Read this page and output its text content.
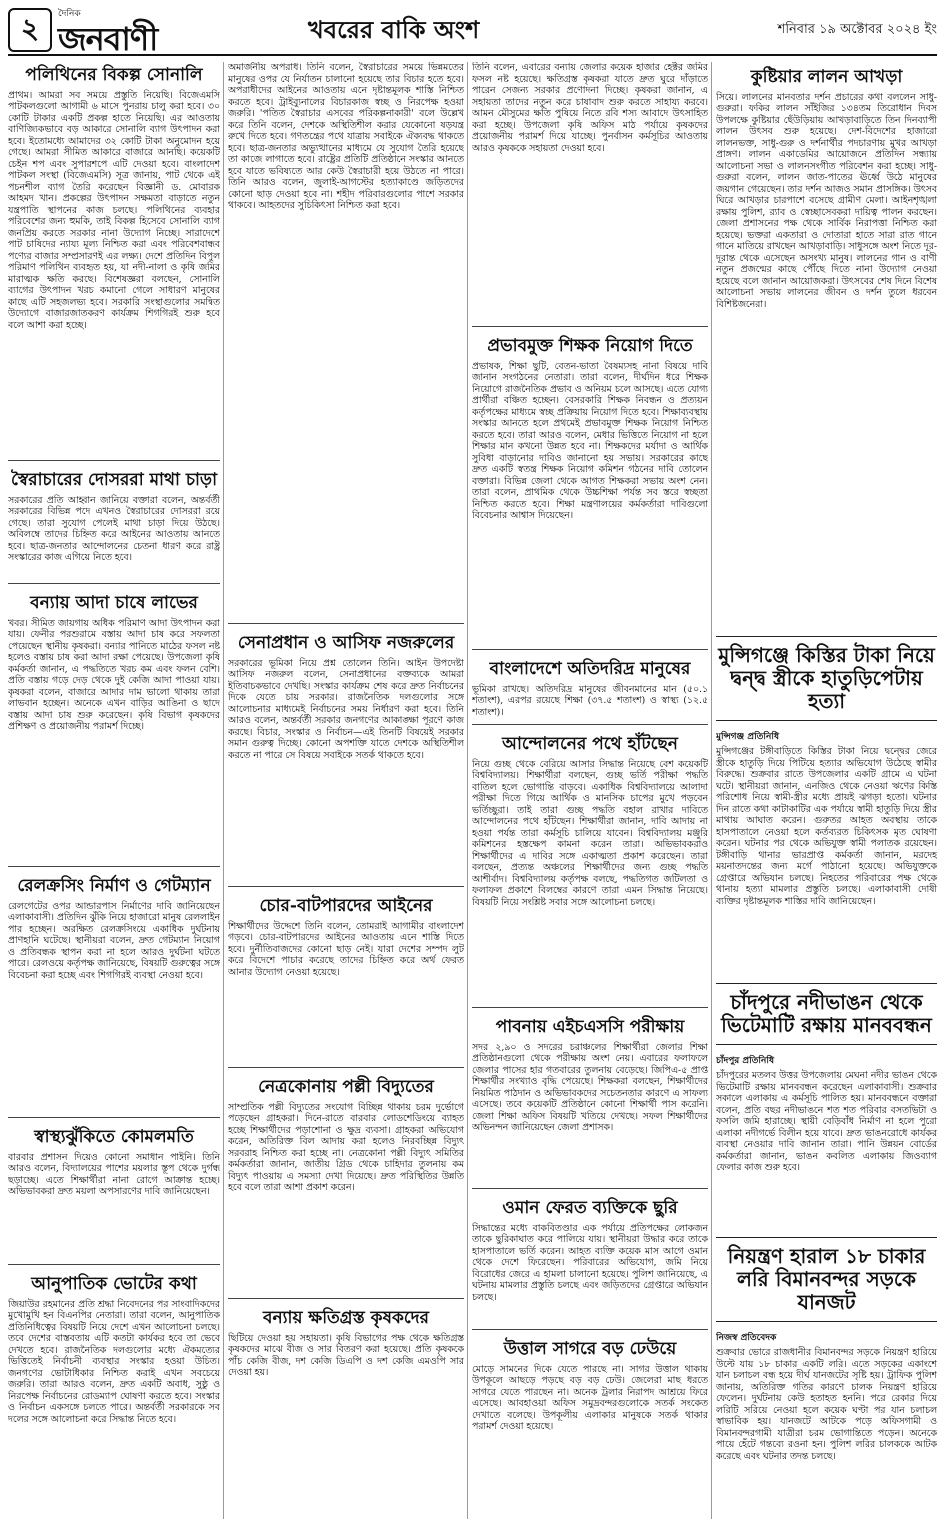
২	দৈনিক
জনবাণী	খবরের বাকি অংশ	শনিবার ১৯ অক্টোবর ২০২৪ ইং
পলিথিনের বিকল্প সোনালি

প্রাথম। আমরা সব সময়ে প্রস্তুতি নিয়েছি। বিজেএমসি পাটকলগুলো আগামী ৬ মাসে পুনরায় চালু করা হবে। ৩০ কোটি টাকার একটি প্রকল্প হাতে নিয়েছি। এর আওতায় বাণিজ্যিকভাবে বড় আকারে সোনালি ব্যাগ উৎপাদন করা হবে। ইতোমধ্যে আমাদের ৩২ কোটি টাকা অনুমোদন হয়ে গেছে। আমরা সীমিত আকারে বাজারে আনছি। কয়েকটি চেইন শপ এবং সুপারশপে এটি দেওয়া হবে। বাংলাদেশ পাটকল সংস্থা (বিজেএমসি) সূত্র জানায়, পাট থেকে এই পচনশীল ব্যাগ তৈরি করেছেন বিজ্ঞানী ড. মোবারক আহমদ খান। প্রকল্পের উৎপাদন সক্ষমতা বাড়াতে নতুন যন্ত্রপাতি স্থাপনের কাজ চলছে। পলিথিনের ব্যবহার পরিবেশের জন্য হুমকি, তাই বিকল্প হিসেবে সোনালি ব্যাগ জনপ্রিয় করতে সরকার নানা উদ্যোগ নিচ্ছে। সারাদেশে পাট চাষিদের ন্যায্য মূল্য নিশ্চিত করা এবং পরিবেশবান্ধব পণ্যের বাজার সম্প্রসারণই এর লক্ষ্য। দেশে প্রতিদিন বিপুল পরিমাণ পলিথিন ব্যবহৃত হয়, যা নদী-নালা ও কৃষি জমির মারাত্মক ক্ষতি করছে। বিশেষজ্ঞরা বলছেন, সোনালি ব্যাগের উৎপাদন খরচ কমানো গেলে সাধারণ মানুষের কাছে এটি সহজলভ্য হবে। সরকারি সংস্থাগুলোর সমন্বিত উদ্যোগে বাজারজাতকরণ কার্যক্রম শিগগিরই শুরু হবে বলে আশা করা হচ্ছে।

স্বৈরাচারের দোসররা মাথা চাড়া

সরকারের প্রতি আহ্বান জানিয়ে বক্তারা বলেন, অন্তর্বর্তী সরকারের বিভিন্ন পদে এখনও স্বৈরাচারের দোসররা রয়ে গেছে। তারা সুযোগ পেলেই মাথা চাড়া দিয়ে উঠছে। অবিলম্বে তাদের চিহ্নিত করে আইনের আওতায় আনতে হবে। ছাত্র-জনতার আন্দোলনের চেতনা ধারণ করে রাষ্ট্র সংস্কারের কাজ এগিয়ে নিতে হবে।

বন্যায় আদা চাষে লাভের

খবর। সীমিত জায়গায় অধিক পরিমাণ আদা উৎপাদন করা যায়। ফেনীর পরশুরামে বস্তায় আদা চাষ করে সফলতা পেয়েছেন স্থানীয় কৃষকরা। বন্যার পানিতে মাঠের ফসল নষ্ট হলেও বস্তায় চাষ করা আদা রক্ষা পেয়েছে। উপজেলা কৃষি কর্মকর্তা জানান, এ পদ্ধতিতে খরচ কম এবং ফলন বেশি। প্রতি বস্তায় গড়ে দেড় থেকে দুই কেজি আদা পাওয়া যায়। কৃষকরা বলেন, বাজারে আদার দাম ভালো থাকায় তারা লাভবান হচ্ছেন। অনেকে এখন বাড়ির আঙিনা ও ছাদে বস্তায় আদা চাষ শুরু করেছেন। কৃষি বিভাগ কৃষকদের প্রশিক্ষণ ও প্রয়োজনীয় পরামর্শ দিচ্ছে।

রেলক্রসিং নির্মাণ ও গেটম্যান

রেলগেটের ওপর আন্ডারপাস নির্মাণের দাবি জানিয়েছেন এলাকাবাসী। প্রতিদিন ঝুঁকি নিয়ে হাজারো মানুষ রেললাইন পার হচ্ছেন। অরক্ষিত রেলক্রসিংয়ে একাধিক দুর্ঘটনায় প্রাণহানি ঘটেছে। স্থানীয়রা বলেন, দ্রুত গেটম্যান নিয়োগ ও প্রতিবন্ধক স্থাপন করা না হলে আরও দুর্ঘটনা ঘটতে পারে। রেলওয়ে কর্তৃপক্ষ জানিয়েছে, বিষয়টি গুরুত্বের সঙ্গে বিবেচনা করা হচ্ছে এবং শিগগিরই ব্যবস্থা নেওয়া হবে।

স্বাস্থ্যঝুঁকিতে কোমলমতি

বারবার প্রশাসন দিয়েও কোনো সমাধান পাইনি। তিনি আরও বলেন, বিদ্যালয়ের পাশের ময়লার স্তূপ থেকে দুর্গন্ধ ছড়াচ্ছে। এতে শিক্ষার্থীরা নানা রোগে আক্রান্ত হচ্ছে। অভিভাবকরা দ্রুত ময়লা অপসারণের দাবি জানিয়েছেন।

আনুপাতিক ভোটের কথা

জিয়াউর রহমানের প্রতি শ্রদ্ধা নিবেদনের পর সাংবাদিকদের মুখোমুখি হন বিএনপির নেতারা। তারা বলেন, আনুপাতিক প্রতিনিধিত্বের বিষয়টি নিয়ে দেশে এখন আলোচনা চলছে। তবে দেশের বাস্তবতায় এটি কতটা কার্যকর হবে তা ভেবে দেখতে হবে। রাজনৈতিক দলগুলোর মধ্যে ঐকমত্যের ভিত্তিতেই নির্বাচনী ব্যবস্থার সংস্কার হওয়া উচিত। জনগণের ভোটাধিকার নিশ্চিত করাই এখন সবচেয়ে জরুরি। তারা আরও বলেন, দ্রুত একটি অবাধ, সুষ্ঠু ও নিরপেক্ষ নির্বাচনের রোডম্যাপ ঘোষণা করতে হবে। সংস্কার ও নির্বাচন একসঙ্গে চলতে পারে। অন্তর্বর্তী সরকারকে সব দলের সঙ্গে আলোচনা করে সিদ্ধান্ত নিতে হবে।

অমার্জনীয় অপরাধ। তিনি বলেন, স্বৈরাচারের সময়ে ভিন্নমতের মানুষের ওপর যে নির্যাতন চালানো হয়েছে তার বিচার হতে হবে। অপরাধীদের আইনের আওতায় এনে দৃষ্টান্তমূলক শাস্তি নিশ্চিত করতে হবে। ট্রাইব্যুনালের বিচারকাজ স্বচ্ছ ও নিরপেক্ষ হওয়া জরুরি। 'পতিত স্বৈরাচার এসবের পরিকল্পনাকারী' বলে উল্লেখ করে তিনি বলেন, দেশকে অস্থিতিশীল করার যেকোনো ষড়যন্ত্র রুখে দিতে হবে। গণতন্ত্রের পথে যাত্রায় সবাইকে ঐক্যবদ্ধ থাকতে হবে। ছাত্র-জনতার অভ্যুত্থানের মাধ্যমে যে সুযোগ তৈরি হয়েছে তা কাজে লাগাতে হবে। রাষ্ট্রের প্রতিটি প্রতিষ্ঠানে সংস্কার আনতে হবে যাতে ভবিষ্যতে আর কেউ স্বৈরাচারী হয়ে উঠতে না পারে। তিনি আরও বলেন, জুলাই-আগস্টের হত্যাকাণ্ডে জড়িতদের কোনো ছাড় দেওয়া হবে না। শহীদ পরিবারগুলোর পাশে সরকার থাকবে। আহতদের সুচিকিৎসা নিশ্চিত করা হবে।

সেনাপ্রধান ও আসিফ নজরুলের

সরকারের ভূমিকা নিয়ে প্রশ্ন তোলেন তিনি। আইন উপদেষ্টা আসিফ নজরুল বলেন, সেনাপ্রধানের বক্তব্যকে আমরা ইতিবাচকভাবে দেখছি। সংস্কার কার্যক্রম শেষ করে দ্রুত নির্বাচনের দিকে যেতে চায় সরকার। রাজনৈতিক দলগুলোর সঙ্গে আলোচনার মাধ্যমেই নির্বাচনের সময় নির্ধারণ করা হবে। তিনি আরও বলেন, অন্তর্বর্তী সরকার জনগণের আকাঙ্ক্ষা পূরণে কাজ করছে। বিচার, সংস্কার ও নির্বাচন—এই তিনটি বিষয়েই সরকার সমান গুরুত্ব দিচ্ছে। কোনো অপশক্তি যাতে দেশকে অস্থিতিশীল করতে না পারে সে বিষয়ে সবাইকে সতর্ক থাকতে হবে।

চোর-বাটপারদের আইনের

শিক্ষার্থীদের উদ্দেশে তিনি বলেন, তোমরাই আগামীর বাংলাদেশ গড়বে। চোর-বাটপারদের আইনের আওতায় এনে শাস্তি দিতে হবে। দুর্নীতিবাজদের কোনো ছাড় নেই। যারা দেশের সম্পদ লুট করে বিদেশে পাচার করেছে তাদের চিহ্নিত করে অর্থ ফেরত আনার উদ্যোগ নেওয়া হয়েছে।

নেত্রকোনায় পল্লী বিদ্যুতের

সাম্প্রতিক পল্লী বিদ্যুতের সংযোগ বিচ্ছিন্ন থাকায় চরম দুর্ভোগে পড়েছেন গ্রাহকরা। দিনে-রাতে বারবার লোডশেডিংয়ে ব্যাহত হচ্ছে শিক্ষার্থীদের পড়াশোনা ও ক্ষুদ্র ব্যবসা। গ্রাহকরা অভিযোগ করেন, অতিরিক্ত বিল আদায় করা হলেও নিরবচ্ছিন্ন বিদ্যুৎ সরবরাহ নিশ্চিত করা হচ্ছে না। নেত্রকোনা পল্লী বিদ্যুৎ সমিতির কর্মকর্তারা জানান, জাতীয় গ্রিড থেকে চাহিদার তুলনায় কম বিদ্যুৎ পাওয়ায় এ সমস্যা দেখা দিয়েছে। দ্রুত পরিস্থিতির উন্নতি হবে বলে তারা আশা প্রকাশ করেন।

বন্যায় ক্ষতিগ্রস্ত কৃষকদের

ছিটিয়ে দেওয়া হয় সহায়তা। কৃষি বিভাগের পক্ষ থেকে ক্ষতিগ্রস্ত কৃষকদের মাঝে বীজ ও সার বিতরণ করা হয়েছে। প্রতি কৃষককে পাঁচ কেজি বীজ, দশ কেজি ডিএপি ও দশ কেজি এমওপি সার দেওয়া হয়।

তিনি বলেন, এবারের বন্যায় জেলার কয়েক হাজার হেক্টর জমির ফসল নষ্ট হয়েছে। ক্ষতিগ্রস্ত কৃষকরা যাতে দ্রুত ঘুরে দাঁড়াতে পারেন সেজন্য সরকার প্রণোদনা দিচ্ছে। কৃষকরা জানান, এ সহায়তা তাদের নতুন করে চাষাবাদ শুরু করতে সাহায্য করবে। আমন মৌসুমের ক্ষতি পুষিয়ে নিতে রবি শস্য আবাদে উৎসাহিত করা হচ্ছে। উপজেলা কৃষি অফিস মাঠ পর্যায়ে কৃষকদের প্রয়োজনীয় পরামর্শ দিয়ে যাচ্ছে। পুনর্বাসন কর্মসূচির আওতায় আরও কৃষককে সহায়তা দেওয়া হবে।

প্রভাবমুক্ত শিক্ষক নিয়োগ দিতে

প্রভাষক, শিক্ষা ছুটি, বেতন-ভাতা বৈষম্যসহ নানা বিষয়ে দাবি জানান সংগঠনের নেতারা। তারা বলেন, দীর্ঘদিন ধরে শিক্ষক নিয়োগে রাজনৈতিক প্রভাব ও অনিয়ম চলে আসছে। এতে যোগ্য প্রার্থীরা বঞ্চিত হচ্ছেন। বেসরকারি শিক্ষক নিবন্ধন ও প্রত্যয়ন কর্তৃপক্ষের মাধ্যমে স্বচ্ছ প্রক্রিয়ায় নিয়োগ দিতে হবে। শিক্ষাব্যবস্থায় সংস্কার আনতে হলে প্রথমেই প্রভাবমুক্ত শিক্ষক নিয়োগ নিশ্চিত করতে হবে। তারা আরও বলেন, মেধার ভিত্তিতে নিয়োগ না হলে শিক্ষার মান কখনো উন্নত হবে না। শিক্ষকদের মর্যাদা ও আর্থিক সুবিধা বাড়ানোর দাবিও জানানো হয় সভায়। সরকারের কাছে দ্রুত একটি স্বতন্ত্র শিক্ষক নিয়োগ কমিশন গঠনের দাবি তোলেন বক্তারা। বিভিন্ন জেলা থেকে আগত শিক্ষকরা সভায় অংশ নেন। তারা বলেন, প্রাথমিক থেকে উচ্চশিক্ষা পর্যন্ত সব স্তরে স্বচ্ছতা নিশ্চিত করতে হবে। শিক্ষা মন্ত্রণালয়ের কর্মকর্তারা দাবিগুলো বিবেচনার আশ্বাস দিয়েছেন।

বাংলাদেশে অতিদরিদ্র মানুষের

ভূমিকা রাখছে। অতিদরিদ্র মানুষের জীবনমানের মান (৫০.১ শতাংশ), এরপর রয়েছে শিক্ষা (৩৭.৫ শতাংশ) ও স্বাস্থ্য (১২.৫ শতাংশ)।

আন্দোলনের পথে হাঁটছেন

নিয়ে গুচ্ছ থেকে বেরিয়ে আসার সিদ্ধান্ত নিয়েছে বেশ কয়েকটি বিশ্ববিদ্যালয়। শিক্ষার্থীরা বলছেন, গুচ্ছ ভর্তি পরীক্ষা পদ্ধতি বাতিল হলে ভোগান্তি বাড়বে। একাধিক বিশ্ববিদ্যালয়ে আলাদা পরীক্ষা দিতে গিয়ে আর্থিক ও মানসিক চাপের মুখে পড়বেন ভর্তিচ্ছুরা। তাই তারা গুচ্ছ পদ্ধতি বহাল রাখার দাবিতে আন্দোলনের পথে হাঁটছেন। শিক্ষার্থীরা জানান, দাবি আদায় না হওয়া পর্যন্ত তারা কর্মসূচি চালিয়ে যাবেন। বিশ্ববিদ্যালয় মঞ্জুরি কমিশনের হস্তক্ষেপ কামনা করেন তারা। অভিভাবকরাও শিক্ষার্থীদের এ দাবির সঙ্গে একাত্মতা প্রকাশ করেছেন। তারা বলছেন, প্রত্যন্ত অঞ্চলের শিক্ষার্থীদের জন্য গুচ্ছ পদ্ধতি আশীর্বাদ। বিশ্ববিদ্যালয় কর্তৃপক্ষ বলছে, পদ্ধতিগত জটিলতা ও ফলাফল প্রকাশে বিলম্বের কারণে তারা এমন সিদ্ধান্ত নিয়েছে। বিষয়টি নিয়ে সংশ্লিষ্ট সবার সঙ্গে আলোচনা চলছে।

পাবনায় এইচএসসি পরীক্ষায়

সদর ২,৯০ ও সদরের চরাঞ্চলের শিক্ষার্থীরা জেলার শিক্ষা প্রতিষ্ঠানগুলো থেকে পরীক্ষায় অংশ নেয়। এবারের ফলাফলে জেলার পাসের হার গতবারের তুলনায় বেড়েছে। জিপিএ-৫ প্রাপ্ত শিক্ষার্থীর সংখ্যাও বৃদ্ধি পেয়েছে। শিক্ষকরা বলছেন, শিক্ষার্থীদের নিয়মিত পাঠদান ও অভিভাবকদের সচেতনতার কারণে এ সাফল্য এসেছে। তবে কয়েকটি প্রতিষ্ঠানে কোনো শিক্ষার্থী পাস করেনি। জেলা শিক্ষা অফিস বিষয়টি খতিয়ে দেখছে। সফল শিক্ষার্থীদের অভিনন্দন জানিয়েছেন জেলা প্রশাসক।

ওমান ফেরত ব্যক্তিকে ছুরি

সিদ্ধান্তের মধ্যে বাকবিতণ্ডার এক পর্যায়ে প্রতিপক্ষের লোকজন তাকে ছুরিকাঘাত করে পালিয়ে যায়। স্থানীয়রা উদ্ধার করে তাকে হাসপাতালে ভর্তি করেন। আহত ব্যক্তি কয়েক মাস আগে ওমান থেকে দেশে ফিরেছেন। পরিবারের অভিযোগ, জমি নিয়ে বিরোধের জেরে এ হামলা চালানো হয়েছে। পুলিশ জানিয়েছে, এ ঘটনায় মামলার প্রস্তুতি চলছে এবং জড়িতদের গ্রেপ্তারে অভিযান চলছে।

উত্তাল সাগরে বড় ঢেউয়ে

মোড়ে সামনের দিকে যেতে পারছে না। সাগর উত্তাল থাকায় উপকূলে আছড়ে পড়ছে বড় বড় ঢেউ। জেলেরা মাছ ধরতে সাগরে যেতে পারছেন না। অনেক ট্রলার নিরাপদ আশ্রয়ে ফিরে এসেছে। আবহাওয়া অফিস সমুদ্রবন্দরগুলোকে সতর্ক সংকেত দেখাতে বলেছে। উপকূলীয় এলাকার মানুষকে সতর্ক থাকার পরামর্শ দেওয়া হয়েছে।

কুষ্টিয়ার লালন আখড়া

সিয়ে। লালনের মানবতার দর্শন প্রচারের কথা বললেন সাধু-গুরুরা। ফকির লালন সাঁইজির ১৩৪তম তিরোধান দিবস উপলক্ষে কুষ্টিয়ার ছেঁউড়িয়ায় আখড়াবাড়িতে তিন দিনব্যাপী লালন উৎসব শুরু হয়েছে। দেশ-বিদেশের হাজারো লালনভক্ত, সাধু-গুরু ও দর্শনার্থীর পদচারণায় মুখর আখড়া প্রাঙ্গণ। লালন একাডেমির আয়োজনে প্রতিদিন সন্ধ্যায় আলোচনা সভা ও লালনসংগীত পরিবেশন করা হচ্ছে। সাধু-গুরুরা বলেন, লালন জাত-পাতের ঊর্ধ্বে উঠে মানুষের জয়গান গেয়েছেন। তার দর্শন আজও সমান প্রাসঙ্গিক। উৎসব ঘিরে আখড়ার চারপাশে বসেছে গ্রামীণ মেলা। আইনশৃঙ্খলা রক্ষায় পুলিশ, র‍্যাব ও স্বেচ্ছাসেবকরা দায়িত্ব পালন করছেন। জেলা প্রশাসনের পক্ষ থেকে সার্বিক নিরাপত্তা নিশ্চিত করা হয়েছে। ভক্তরা একতারা ও দোতারা হাতে সারা রাত গানে গানে মাতিয়ে রাখছেন আখড়াবাড়ি। সাধুসঙ্গে অংশ নিতে দূর-দূরান্ত থেকে এসেছেন অসংখ্য মানুষ। লালনের গান ও বাণী নতুন প্রজন্মের কাছে পৌঁছে দিতে নানা উদ্যোগ নেওয়া হয়েছে বলে জানান আয়োজকরা। উৎসবের শেষ দিনে বিশেষ আলোচনা সভায় লালনের জীবন ও দর্শন তুলে ধরবেন বিশিষ্টজনেরা।

মুন্সিগঞ্জে কিস্তির টাকা নিয়ে দ্বন্দ্ব স্ত্রীকে হাতুড়িপেটায় হত্যা
মুন্সিগঞ্জ প্রতিনিধি

মুন্সিগঞ্জের টঙ্গীবাড়িতে কিস্তির টাকা নিয়ে দ্বন্দ্বের জেরে স্ত্রীকে হাতুড়ি দিয়ে পিটিয়ে হত্যার অভিযোগ উঠেছে স্বামীর বিরুদ্ধে। শুক্রবার রাতে উপজেলার একটি গ্রামে এ ঘটনা ঘটে। স্থানীয়রা জানান, এনজিও থেকে নেওয়া ঋণের কিস্তি পরিশোধ নিয়ে স্বামী-স্ত্রীর মধ্যে প্রায়ই ঝগড়া হতো। ঘটনার দিন রাতে কথা কাটাকাটির এক পর্যায়ে স্বামী হাতুড়ি দিয়ে স্ত্রীর মাথায় আঘাত করেন। গুরুতর আহত অবস্থায় তাকে হাসপাতালে নেওয়া হলে কর্তব্যরত চিকিৎসক মৃত ঘোষণা করেন। ঘটনার পর থেকে অভিযুক্ত স্বামী পলাতক রয়েছেন। টঙ্গীবাড়ি থানার ভারপ্রাপ্ত কর্মকর্তা জানান, মরদেহ ময়নাতদন্তের জন্য মর্গে পাঠানো হয়েছে। অভিযুক্তকে গ্রেপ্তারে অভিযান চলছে। নিহতের পরিবারের পক্ষ থেকে থানায় হত্যা মামলার প্রস্তুতি চলছে। এলাকাবাসী দোষী ব্যক্তির দৃষ্টান্তমূলক শাস্তির দাবি জানিয়েছেন।

চাঁদপুরে নদীভাঙন থেকে ভিটেমাটি রক্ষায় মানববন্ধন
চাঁদপুর প্রতিনিধি

চাঁদপুরের মতলব উত্তর উপজেলায় মেঘনা নদীর ভাঙন থেকে ভিটেমাটি রক্ষায় মানববন্ধন করেছেন এলাকাবাসী। শুক্রবার সকালে এলাকায় এ কর্মসূচি পালিত হয়। মানববন্ধনে বক্তারা বলেন, প্রতি বছর নদীভাঙনে শত শত পরিবার বসতভিটা ও ফসলি জমি হারাচ্ছে। স্থায়ী বেড়িবাঁধ নির্মাণ না হলে পুরো এলাকা নদীগর্ভে বিলীন হয়ে যাবে। দ্রুত ভাঙনরোধে কার্যকর ব্যবস্থা নেওয়ার দাবি জানান তারা। পানি উন্নয়ন বোর্ডের কর্মকর্তারা জানান, ভাঙন কবলিত এলাকায় জিওব্যাগ ফেলার কাজ শুরু হবে।

নিয়ন্ত্রণ হারাল ১৮ চাকার লরি বিমানবন্দর সড়কে যানজট
নিজস্ব প্রতিবেদক

শুক্রবার ভোরে রাজধানীর বিমানবন্দর সড়কে নিয়ন্ত্রণ হারিয়ে উল্টে যায় ১৮ চাকার একটি লরি। এতে সড়কের একাংশে যান চলাচল বন্ধ হয়ে দীর্ঘ যানজটের সৃষ্টি হয়। ট্রাফিক পুলিশ জানায়, অতিরিক্ত গতির কারণে চালক নিয়ন্ত্রণ হারিয়ে ফেলেন। দুর্ঘটনায় কেউ হতাহত হননি। পরে রেকার দিয়ে লরিটি সরিয়ে নেওয়া হলে কয়েক ঘণ্টা পর যান চলাচল স্বাভাবিক হয়। যানজটে আটকে পড়ে অফিসগামী ও বিমানবন্দরগামী যাত্রীরা চরম ভোগান্তিতে পড়েন। অনেকে পায়ে হেঁটে গন্তব্যে রওনা হন। পুলিশ লরির চালককে আটক করেছে এবং ঘটনার তদন্ত চলছে।
